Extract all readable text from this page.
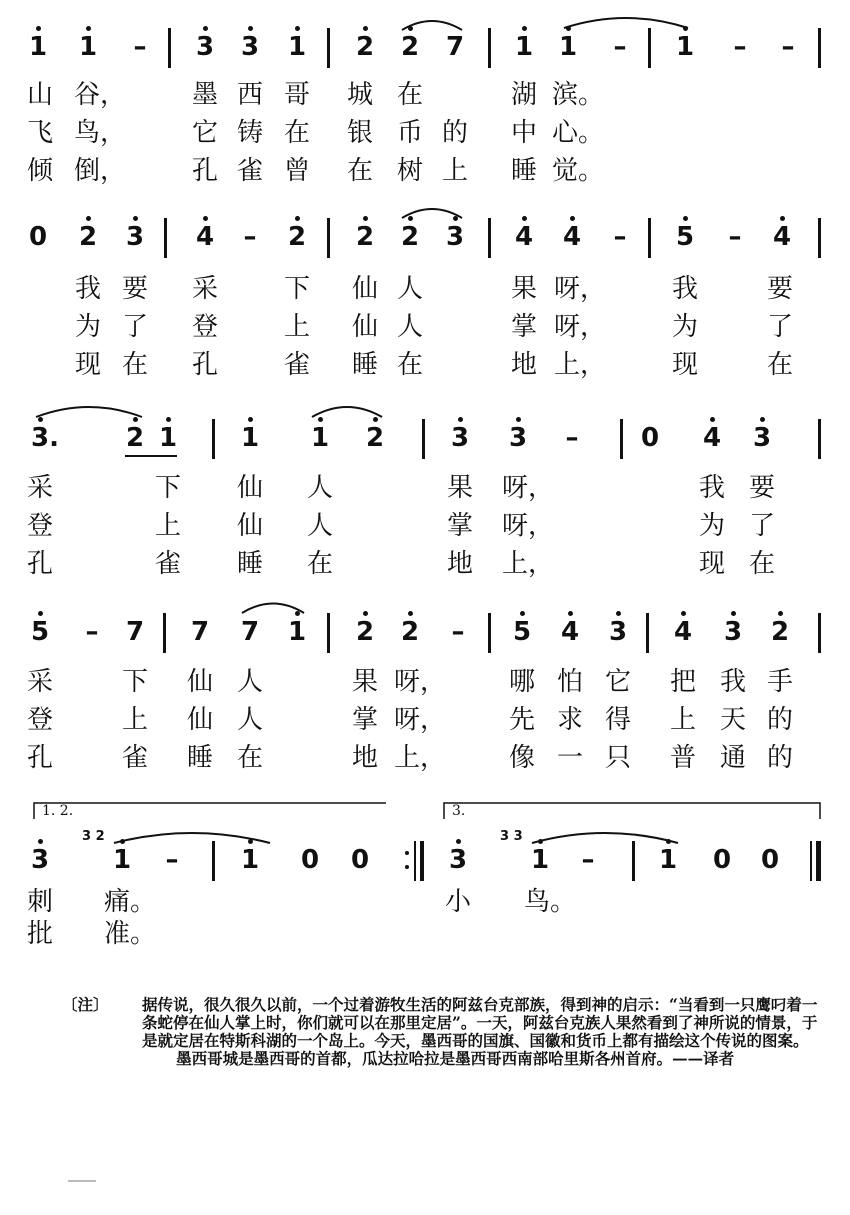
1 1 – 3 3 1 2 2 7 1 1 – 1 – –
山 谷，	墨 西 哥 城 在	湖 滨。
飞 鸟，	它 铸 在 银 币 的 中 心。
倾 倒，	孔 雀 曾 在 树 上 睡 觉。
0 2 3 4 – 2 2 2 3 4 4 – 5 – 4
我 要 采	下 仙 人	果 呀，	我	要
为 了 登	上 仙 人	掌 呀，	为	了
现 在 孔	雀 睡 在	地 上，	现	在
3.	2 1 1 1 2	3 3 – 0 4 3
采	下 仙 人	果 呀，	我 要
登	上 仙 人	掌 呀，	为 了
孔	雀 睡 在	地 上，	现 在
5 – 7 7 7 1 2 2 – 5 4 3 4 3 2
采	下 仙 人	果 呀， 哪 怕 它 把 我 手
登	上 仙 人	掌 呀， 先 求 得 上 天 的
孔	雀 睡 在	地 上， 像 一 只 普 通 的
1. 2.	3.
3
3 2
1 – 1 0 0	3
3 3
1 – 1 0 0
刺 痛。	小 鸟。
批 准。
〔注〕 据传说，很久很久以前，一个过着游牧生活的阿兹台克部族，得到神的启示：“当看到一只鹰叼着一条蛇停在仙人掌上时，你们就可以在那里定居”。一天，阿兹台克族人果然看到了神所说的情景，于是就定居在特斯科湖的一个岛上。今天，墨西哥的国旗、国徽和货币上都有描绘这个传说的图案。
墨西哥城是墨西哥的首都，瓜达拉哈拉是墨西哥西南部哈里斯各州首府。——译者
